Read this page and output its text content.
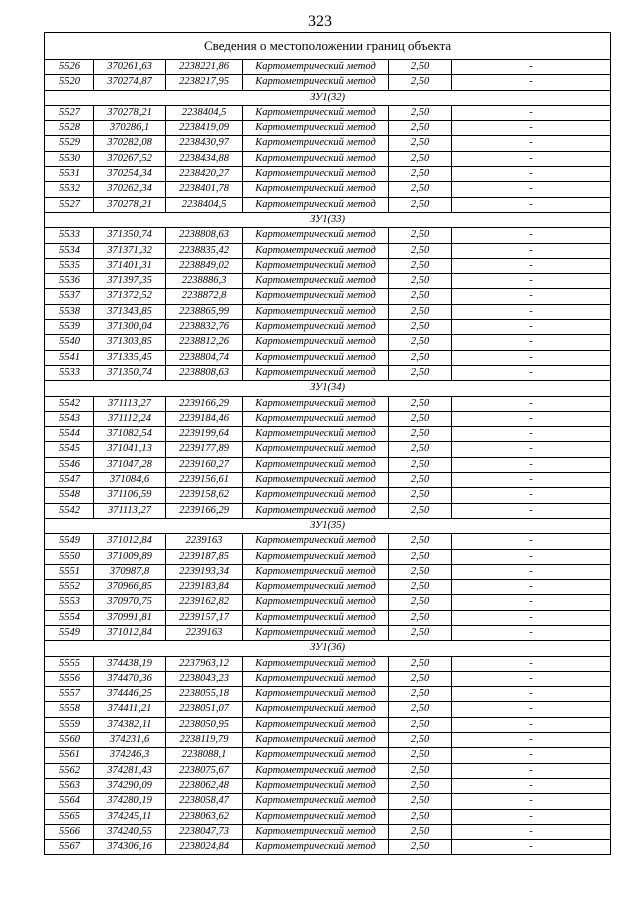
323
Сведения о местоположении границ объекта					
5526	370261,63	2238221,86	Картометрический метод	2,50	-
5520	370274,87	2238217,95	Картометрический метод	2,50	-
ЗУ1(32)					
5527	370278,21	2238404,5	Картометрический метод	2,50	-
5528	370286,1	2238419,09	Картометрический метод	2,50	-
5529	370282,08	2238430,97	Картометрический метод	2,50	-
5530	370267,52	2238434,88	Картометрический метод	2,50	-
5531	370254,34	2238420,27	Картометрический метод	2,50	-
5532	370262,34	2238401,78	Картометрический метод	2,50	-
5527	370278,21	2238404,5	Картометрический метод	2,50	-
ЗУ1(33)					
5533	371350,74	2238808,63	Картометрический метод	2,50	-
5534	371371,32	2238835,42	Картометрический метод	2,50	-
5535	371401,31	2238849,02	Картометрический метод	2,50	-
5536	371397,35	2238886,3	Картометрический метод	2,50	-
5537	371372,52	2238872,8	Картометрический метод	2,50	-
5538	371343,85	2238865,99	Картометрический метод	2,50	-
5539	371300,04	2238832,76	Картометрический метод	2,50	-
5540	371303,85	2238812,26	Картометрический метод	2,50	-
5541	371335,45	2238804,74	Картометрический метод	2,50	-
5533	371350,74	2238808,63	Картометрический метод	2,50	-
ЗУ1(34)					
5542	371113,27	2239166,29	Картометрический метод	2,50	-
5543	371112,24	2239184,46	Картометрический метод	2,50	-
5544	371082,54	2239199,64	Картометрический метод	2,50	-
5545	371041,13	2239177,89	Картометрический метод	2,50	-
5546	371047,28	2239160,27	Картометрический метод	2,50	-
5547	371084,6	2239156,61	Картометрический метод	2,50	-
5548	371106,59	2239158,62	Картометрический метод	2,50	-
5542	371113,27	2239166,29	Картометрический метод	2,50	-
ЗУ1(35)					
5549	371012,84	2239163	Картометрический метод	2,50	-
5550	371009,89	2239187,85	Картометрический метод	2,50	-
5551	370987,8	2239193,34	Картометрический метод	2,50	-
5552	370966,85	2239183,84	Картометрический метод	2,50	-
5553	370970,75	2239162,82	Картометрический метод	2,50	-
5554	370991,81	2239157,17	Картометрический метод	2,50	-
5549	371012,84	2239163	Картометрический метод	2,50	-
ЗУ1(36)					
5555	374438,19	2237963,12	Картометрический метод	2,50	-
5556	374470,36	2238043,23	Картометрический метод	2,50	-
5557	374446,25	2238055,18	Картометрический метод	2,50	-
5558	374411,21	2238051,07	Картометрический метод	2,50	-
5559	374382,11	2238050,95	Картометрический метод	2,50	-
5560	374231,6	2238119,79	Картометрический метод	2,50	-
5561	374246,3	2238088,1	Картометрический метод	2,50	-
5562	374281,43	2238075,67	Картометрический метод	2,50	-
5563	374290,09	2238062,48	Картометрический метод	2,50	-
5564	374280,19	2238058,47	Картометрический метод	2,50	-
5565	374245,11	2238063,62	Картометрический метод	2,50	-
5566	374240,55	2238047,73	Картометрический метод	2,50	-
5567	374306,16	2238024,84	Картометрический метод	2,50	-
